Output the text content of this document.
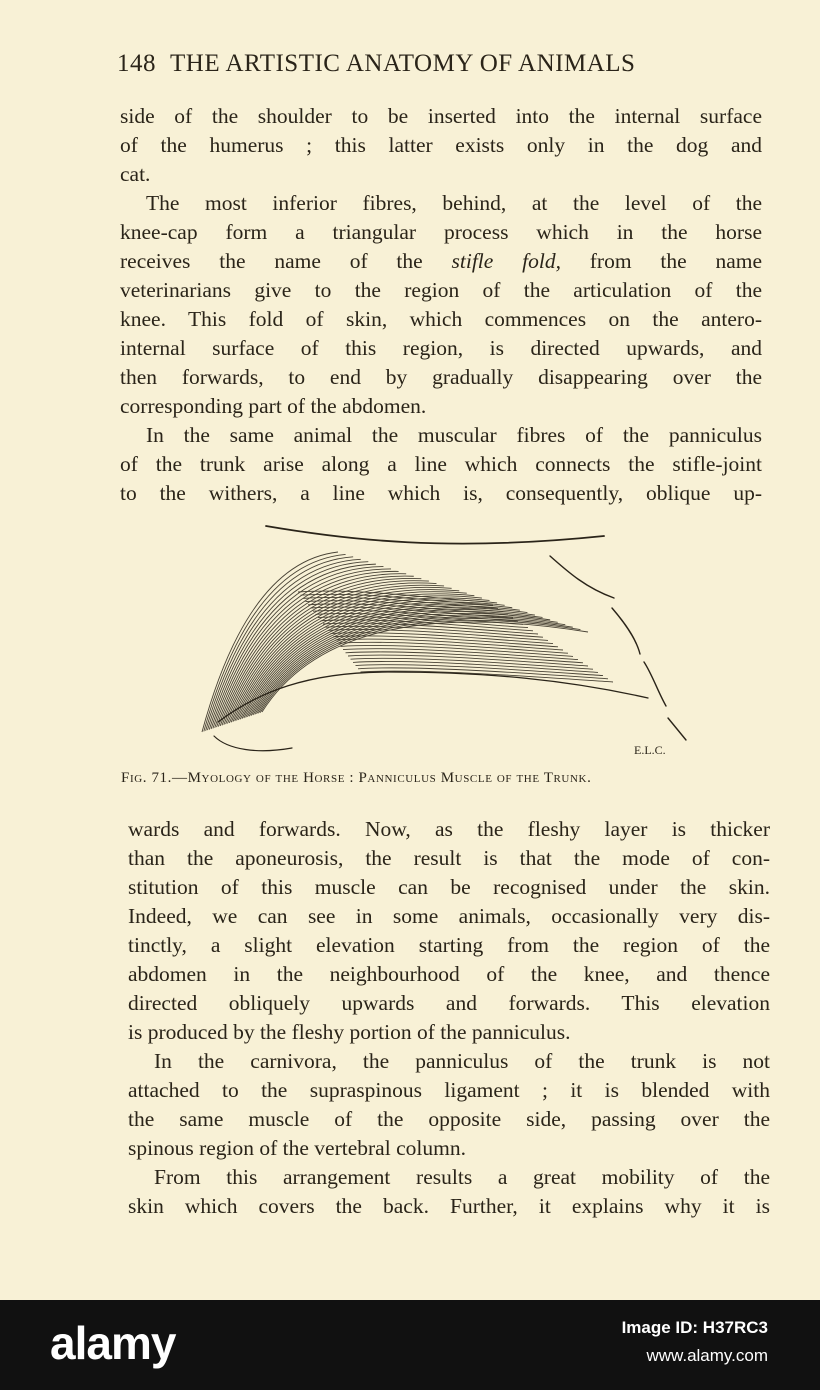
148 THE ARTISTIC ANATOMY OF ANIMALS
side of the shoulder to be inserted into the internal surface
of the humerus ; this latter exists only in the dog and
cat.
The most inferior fibres, behind, at the level of the
knee-cap form a triangular process which in the horse
receives the name of the stifle fold, from the name
veterinarians give to the region of the articulation of the
knee. This fold of skin, which commences on the antero-
internal surface of this region, is directed upwards, and
then forwards, to end by gradually disappearing over the
corresponding part of the abdomen.
In the same animal the muscular fibres of the panniculus
of the trunk arise along a line which connects the stifle-joint
to the withers, a line which is, consequently, oblique up-
E.L.C.
Fig. 71.—Myology of the Horse : Panniculus Muscle of the Trunk.
wards and forwards. Now, as the fleshy layer is thicker
than the aponeurosis, the result is that the mode of con-
stitution of this muscle can be recognised under the skin.
Indeed, we can see in some animals, occasionally very dis-
tinctly, a slight elevation starting from the region of the
abdomen in the neighbourhood of the knee, and thence
directed obliquely upwards and forwards. This elevation
is produced by the fleshy portion of the panniculus.
In the carnivora, the panniculus of the trunk is not
attached to the supraspinous ligament ; it is blended with
the same muscle of the opposite side, passing over the
spinous region of the vertebral column.
From this arrangement results a great mobility of the
skin which covers the back. Further, it explains why it is
alamy	Image ID: H37RC3
www.alamy.com
